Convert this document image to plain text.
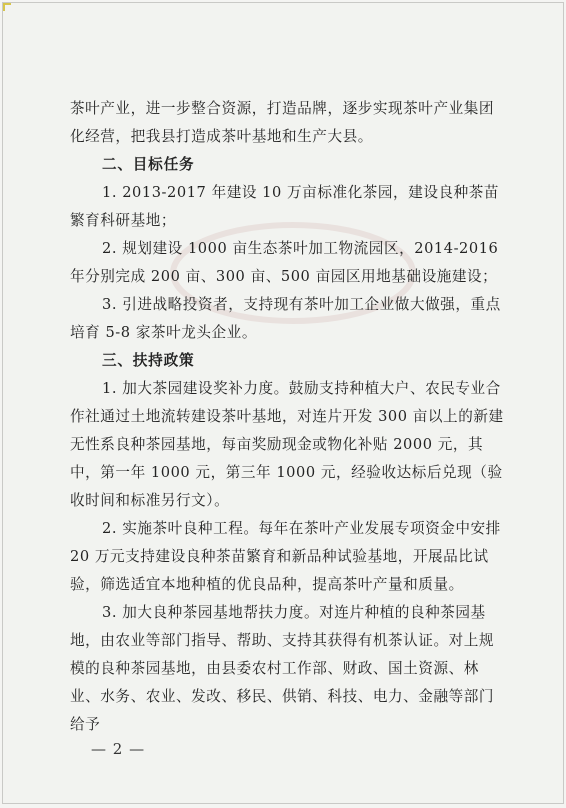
茶叶产业，进一步整合资源，打造品牌，逐步实现茶叶产业集团化经营，把我县打造成茶叶基地和生产大县。

二、目标任务

1. 2013-2017 年建设 10 万亩标准化茶园，建设良种茶苗繁育科研基地；

2. 规划建设 1000 亩生态茶叶加工物流园区，2014-2016 年分别完成 200 亩、300 亩、500 亩园区用地基础设施建设；

3. 引进战略投资者，支持现有茶叶加工企业做大做强，重点培育 5-8 家茶叶龙头企业。

三、扶持政策

1. 加大茶园建设奖补力度。鼓励支持种植大户、农民专业合作社通过土地流转建设茶叶基地，对连片开发 300 亩以上的新建无性系良种茶园基地，每亩奖励现金或物化补贴 2000 元，其中，第一年 1000 元，第三年 1000 元，经验收达标后兑现（验收时间和标准另行文）。

2. 实施茶叶良种工程。每年在茶叶产业发展专项资金中安排 20 万元支持建设良种茶苗繁育和新品种试验基地，开展品比试验，筛选适宜本地种植的优良品种，提高茶叶产量和质量。

3. 加大良种茶园基地帮扶力度。对连片种植的良种茶园基地，由农业等部门指导、帮助、支持其获得有机茶认证。对上规模的良种茶园基地，由县委农村工作部、财政、国土资源、林业、水务、农业、发改、移民、供销、科技、电力、金融等部门给予

— 2 —
